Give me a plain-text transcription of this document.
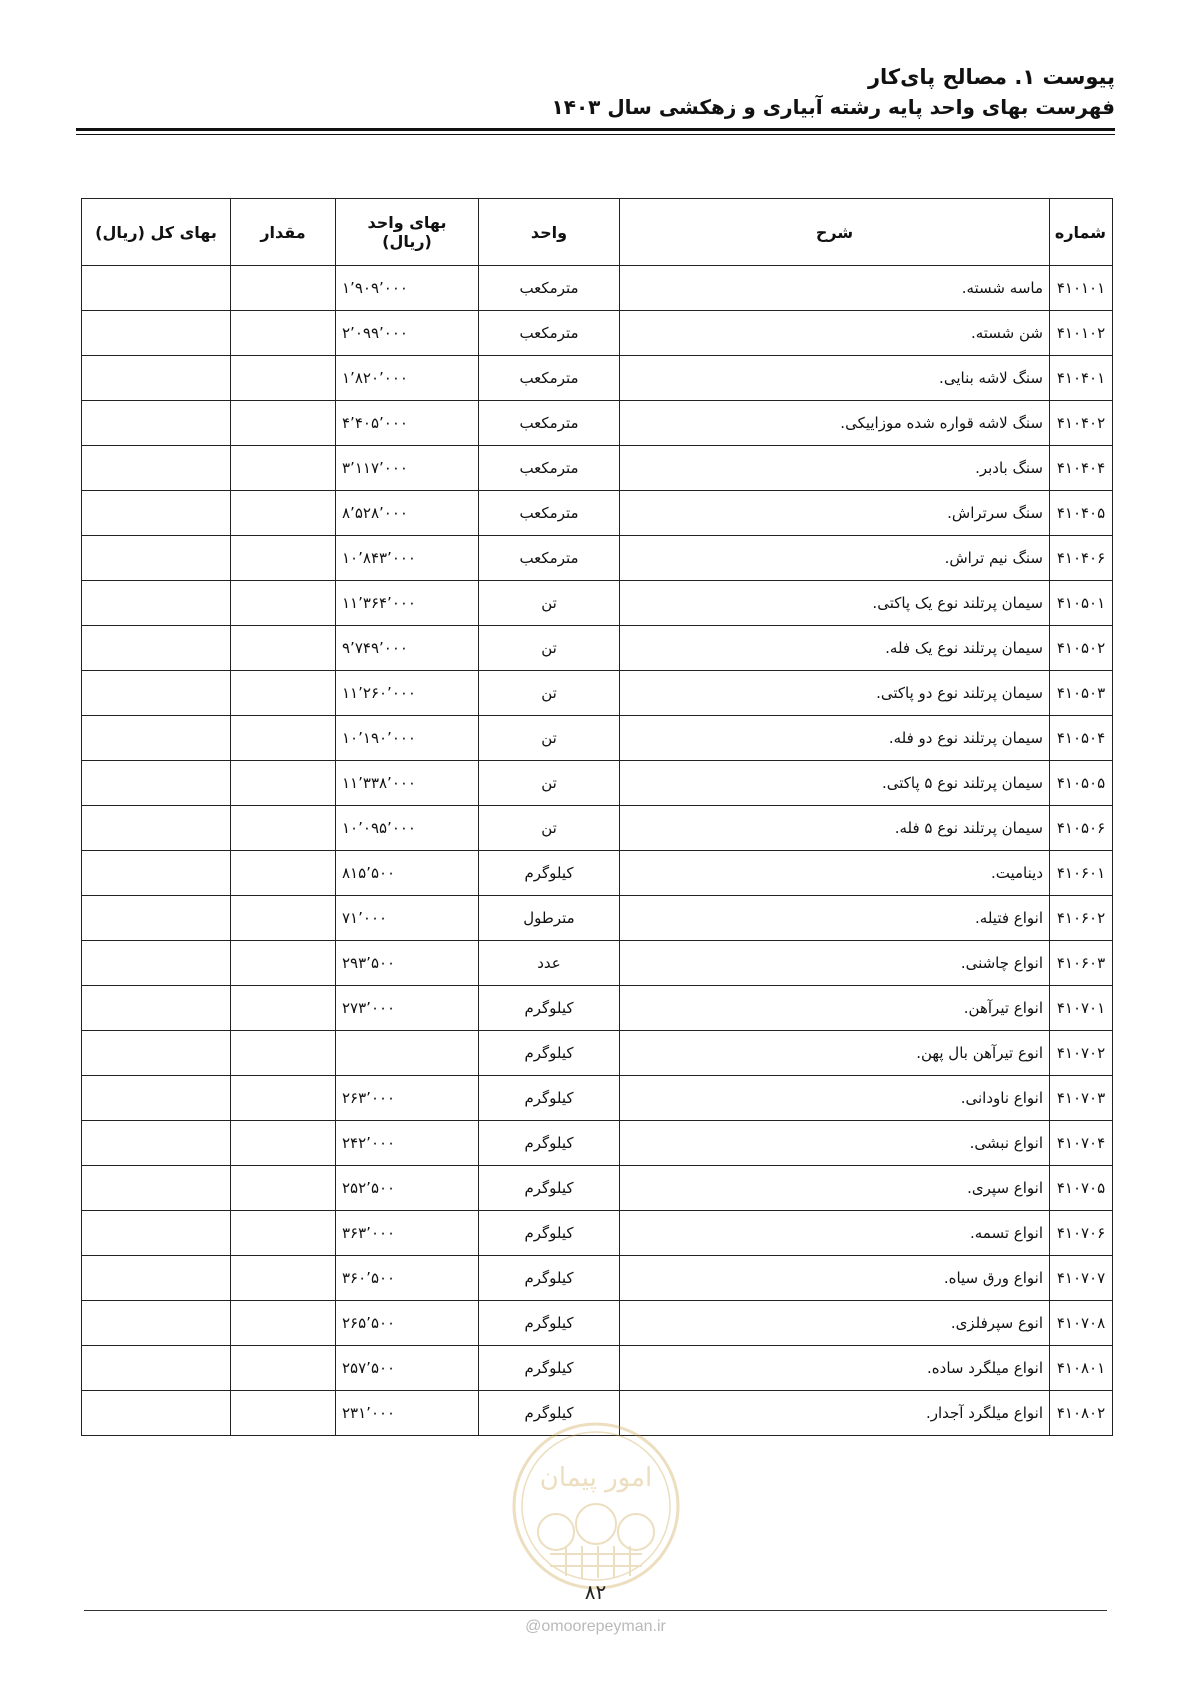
پیوست ۱. مصالح پای‌کار
فهرست بهای واحد پایه رشته آبیاری و زهکشی سال ۱۴۰۳
شماره	شرح	واحد	بهای واحد (ریال)	مقدار	بهای کل (ریال)
۴۱۰۱۰۱	ماسه شسته.	مترمکعب	۱٬۹۰۹٬۰۰۰		
۴۱۰۱۰۲	شن شسته.	مترمکعب	۲٬۰۹۹٬۰۰۰		
۴۱۰۴۰۱	سنگ لاشه بنایی.	مترمکعب	۱٬۸۲۰٬۰۰۰		
۴۱۰۴۰۲	سنگ لاشه قواره شده موزاییکی.	مترمکعب	۴٬۴۰۵٬۰۰۰		
۴۱۰۴۰۴	سنگ بادبر.	مترمکعب	۳٬۱۱۷٬۰۰۰		
۴۱۰۴۰۵	سنگ سرتراش.	مترمکعب	۸٬۵۲۸٬۰۰۰		
۴۱۰۴۰۶	سنگ نیم تراش.	مترمکعب	۱۰٬۸۴۳٬۰۰۰		
۴۱۰۵۰۱	سیمان پرتلند نوع یک پاکتی.	تن	۱۱٬۳۶۴٬۰۰۰		
۴۱۰۵۰۲	سیمان پرتلند نوع یک فله.	تن	۹٬۷۴۹٬۰۰۰		
۴۱۰۵۰۳	سیمان پرتلند نوع دو پاکتی.	تن	۱۱٬۲۶۰٬۰۰۰		
۴۱۰۵۰۴	سیمان پرتلند نوع دو فله.	تن	۱۰٬۱۹۰٬۰۰۰		
۴۱۰۵۰۵	سیمان پرتلند نوع ۵ پاکتی.	تن	۱۱٬۳۳۸٬۰۰۰		
۴۱۰۵۰۶	سیمان پرتلند نوع ۵ فله.	تن	۱۰٬۰۹۵٬۰۰۰		
۴۱۰۶۰۱	دینامیت.	کیلوگرم	۸۱۵٬۵۰۰		
۴۱۰۶۰۲	انواع فتیله.	مترطول	۷۱٬۰۰۰		
۴۱۰۶۰۳	انواع چاشنی.	عدد	۲۹۳٬۵۰۰		
۴۱۰۷۰۱	انواع تیرآهن.	کیلوگرم	۲۷۳٬۰۰۰		
۴۱۰۷۰۲	انوع تیرآهن بال پهن.	کیلوگرم			
۴۱۰۷۰۳	انواع ناودانی.	کیلوگرم	۲۶۳٬۰۰۰		
۴۱۰۷۰۴	انواع نبشی.	کیلوگرم	۲۴۲٬۰۰۰		
۴۱۰۷۰۵	انواع سپری.	کیلوگرم	۲۵۲٬۵۰۰		
۴۱۰۷۰۶	انواع تسمه.	کیلوگرم	۳۶۳٬۰۰۰		
۴۱۰۷۰۷	انواع ورق سیاه.	کیلوگرم	۳۶۰٬۵۰۰		
۴۱۰۷۰۸	انوع سپرفلزی.	کیلوگرم	۲۶۵٬۵۰۰		
۴۱۰۸۰۱	انواع میلگرد ساده.	کیلوگرم	۲۵۷٬۵۰۰		
۴۱۰۸۰۲	انواع میلگرد آجدار.	کیلوگرم	۲۳۱٬۰۰۰		
امور پیمان
۸۲
@omoorepeyman.ir
